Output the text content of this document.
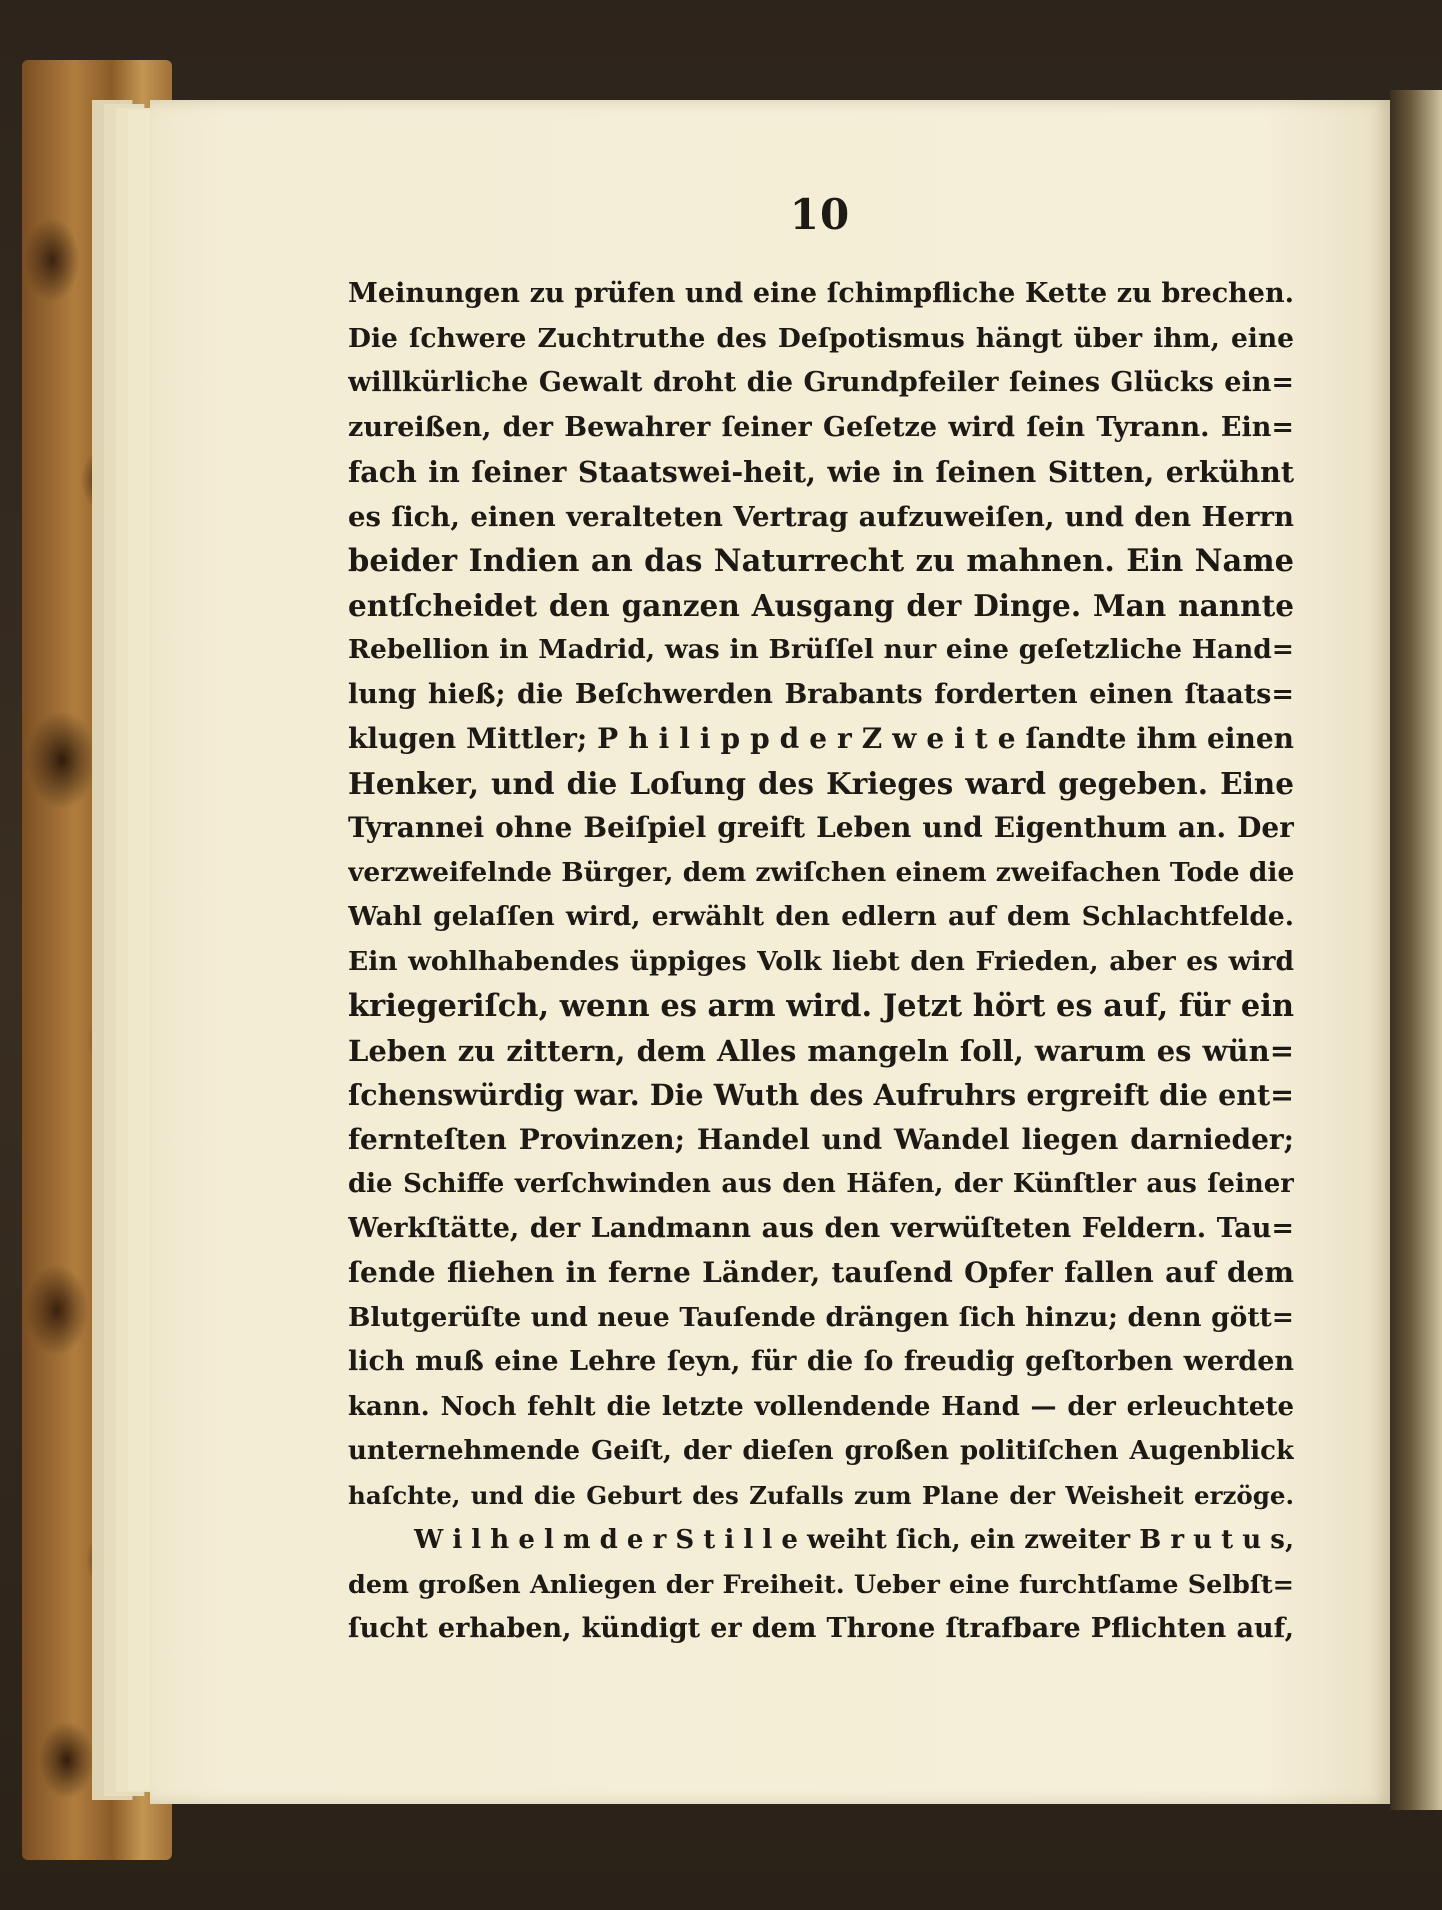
10
Meinungen zu prüfen und eine ſchimpfliche Kette zu brechen.
Die ſchwere Zuchtruthe des Deſpotismus hängt über ihm, eine
willkürliche Gewalt droht die Grundpfeiler ſeines Glücks ein=
zureißen, der Bewahrer ſeiner Geſetze wird ſein Tyrann. Ein=
fach in ſeiner Staatswei-heit, wie in ſeinen Sitten, erkühnt
es ſich, einen veralteten Vertrag aufzuweiſen, und den Herrn
beider Indien an das Naturrecht zu mahnen. Ein Name
entſcheidet den ganzen Ausgang der Dinge. Man nannte
Rebellion in Madrid, was in Brüſſel nur eine geſetzliche Hand=
lung hieß; die Beſchwerden Brabants forderten einen ſtaats=
klugen Mittler; P h i l i p p d e r Z w e i t e ſandte ihm einen
Henker, und die Loſung des Krieges ward gegeben. Eine
Tyrannei ohne Beiſpiel greift Leben und Eigenthum an. Der
verzweifelnde Bürger, dem zwiſchen einem zweifachen Tode die
Wahl gelaſſen wird, erwählt den edlern auf dem Schlachtfelde.
Ein wohlhabendes üppiges Volk liebt den Frieden, aber es wird
kriegeriſch, wenn es arm wird. Jetzt hört es auf, für ein
Leben zu zittern, dem Alles mangeln ſoll, warum es wün=
ſchenswürdig war. Die Wuth des Aufruhrs ergreift die ent=
fernteſten Provinzen; Handel und Wandel liegen darnieder;
die Schiffe verſchwinden aus den Häfen, der Künſtler aus ſeiner
Werkſtätte, der Landmann aus den verwüſteten Feldern. Tau=
ſende fliehen in ferne Länder, tauſend Opfer fallen auf dem
Blutgerüſte und neue Tauſende drängen ſich hinzu; denn gött=
lich muß eine Lehre ſeyn, für die ſo freudig geſtorben werden
kann. Noch fehlt die letzte vollendende Hand — der erleuchtete
unternehmende Geiſt, der dieſen großen politiſchen Augenblick
haſchte, und die Geburt des Zufalls zum Plane der Weisheit erzöge.
W i l h e l m d e r S t i l l e weiht ſich, ein zweiter B r u t u s,
dem großen Anliegen der Freiheit. Ueber eine furchtſame Selbſt=
ſucht erhaben, kündigt er dem Throne ſtrafbare Pflichten auf,
